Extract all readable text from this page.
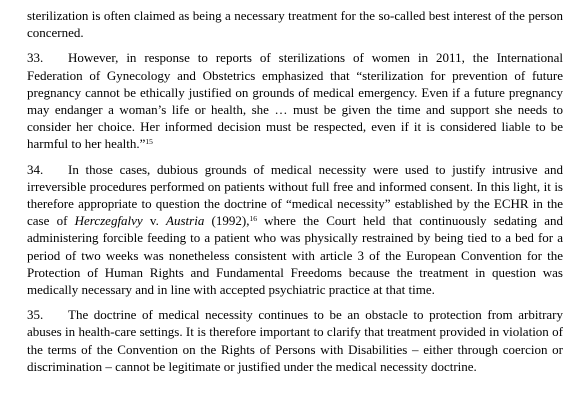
sterilization is often claimed as being a necessary treatment for the so-called best interest of the person concerned.

33. However, in response to reports of sterilizations of women in 2011, the International Federation of Gynecology and Obstetrics emphasized that “sterilization for prevention of future pregnancy cannot be ethically justified on grounds of medical emergency. Even if a future pregnancy may endanger a woman’s life or health, she … must be given the time and support she needs to consider her choice. Her informed decision must be respected, even if it is considered liable to be harmful to her health.”$^{15}$

34. In those cases, dubious grounds of medical necessity were used to justify intrusive and irreversible procedures performed on patients without full free and informed consent. In this light, it is therefore appropriate to question the doctrine of “medical necessity” established by the ECHR in the case of Herczegfalvy v. Austria (1992),$^{16}$ where the Court held that continuously sedating and administering forcible feeding to a patient who was physically restrained by being tied to a bed for a period of two weeks was nonetheless consistent with article 3 of the European Convention for the Protection of Human Rights and Fundamental Freedoms because the treatment in question was medically necessary and in line with accepted psychiatric practice at that time.

35. The doctrine of medical necessity continues to be an obstacle to protection from arbitrary abuses in health-care settings. It is therefore important to clarify that treatment provided in violation of the terms of the Convention on the Rights of Persons with Disabilities – either through coercion or discrimination – cannot be legitimate or justified under the medical necessity doctrine.
